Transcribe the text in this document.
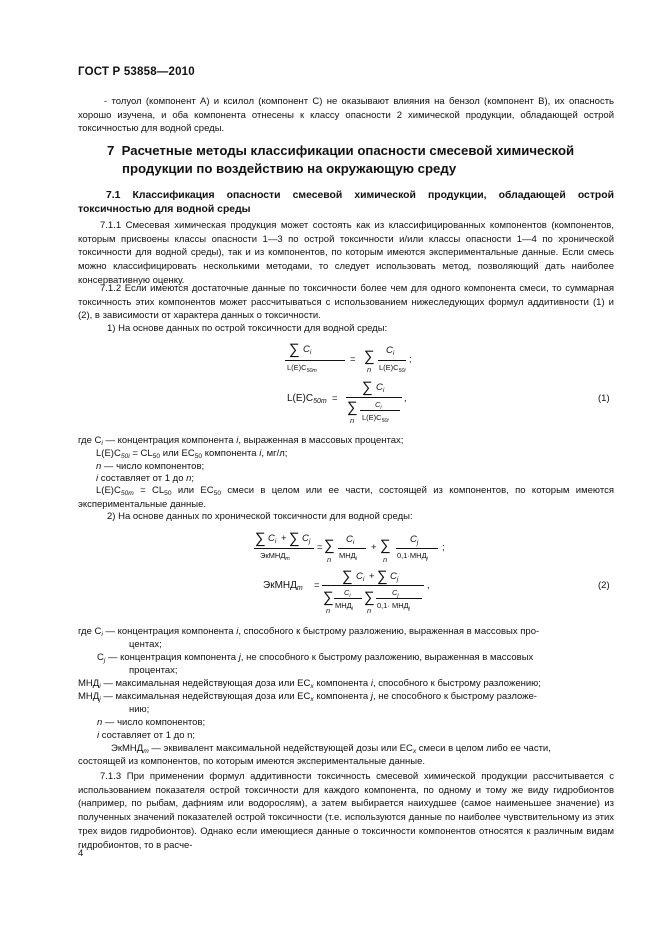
ГОСТ Р 53858—2010
- толуол (компонент А) и ксилол (компонент С) не оказывают влияния на бензол (компонент В), их опасность хорошо изучена, и оба компонента отнесены к классу опасности 2 химической продукции, обладающей острой токсичностью для водной среды.
7 Расчетные методы классификации опасности смесевой химической
продукции по воздействию на окружающую среду
7.1 Классификация опасности смесевой химической продукции, обладающей острой токсичностью для водной среды
7.1.1 Смесевая химическая продукция может состоять как из классифицированных компонентов (компонентов, которым присвоены классы опасности 1—3 по острой токсичности и/или классы опасности 1—4 по хронической токсичности для водной среды), так и из компонентов, по которым имеются экспериментальные данные. Если смесь можно классифицировать несколькими методами, то следует использовать метод, позволяющий дать наиболее консервативную оценку.
7.1.2 Если имеются достаточные данные по токсичности более чем для одного компонента смеси, то суммарная токсичность этих компонентов может рассчитываться с использованием нижеследующих формул аддитивности (1) и (2), в зависимости от характера данных о токсичности.
1) На основе данных по острой токсичности для водной среды:
∑ $C_i$
$L(E)C_{50m}$
= ∑
n
$C_i$
$L(E)C_{50i}$
;
$L(E)C_{50m}$ =
∑ $C_i$
∑
n
$C_i$
$L(E)C_{50i}$
,	(1)
где $C_i$ — концентрация компонента i, выраженная в массовых процентах;
$L(E)C_{50i} = CL_{50}$ или $EC_{50}$ компонента i, мг/л;
n — число компонентов;
i составляет от 1 до n;
$L(E)C_{50m} = CL_{50}$ или $EC_{50}$ смеси в целом или ее части, состоящей из компонентов, по которым имеются экспериментальные данные.
2) На основе данных по хронической токсичности для водной среды:
∑ $C_i$ + ∑ $C_j$
ЭкМНД$_m$
= ∑
n
$C_i$
$МНД_i$
+ ∑
n
$C_j$
$0,1\cdot МНД_j$
;
ЭкМНД$_m$ =
∑ $C_i$ + ∑ $C_j$
∑
n
$C_i$
$МНД_i$
∑
n
$C_j$
$0,1\cdot МНД_j$
,	(2)
где $C_i$ — концентрация компонента i, способного к быстрому разложению, выраженная в массовых про-
центах;
$C_j$ — концентрация компонента j, не способного к быстрому разложению, выраженная в массовых
процентах;
$МНД_i$ — максимальная недействующая доза или $EC_x$ компонента i, способного к быстрому разложению;
$МНД_j$ — максимальная недействующая доза или $EC_x$ компонента j, не способного к быстрому разложе-
нию;
n — число компонентов;
i составляет от 1 до n;
ЭкМНД$_m$ — эквивалент максимальной недействующей дозы или $EC_x$ смеси в целом либо ее части,
состоящей из компонентов, по которым имеются экспериментальные данные.
7.1.3 При применении формул аддитивности токсичность смесевой химической продукции рассчитывается с использованием показателя острой токсичности для каждого компонента, по одному и тому же виду гидробионтов (например, по рыбам, дафниям или водорослям), а затем выбирается наихудшее (самое наименьшее значение) из полученных значений показателей острой токсичности (т.е. используются данные по наиболее чувствительному из этих трех видов гидробионтов). Однако если имеющиеся данные о токсичности компонентов относятся к различным видам гидробионтов, то в расче-
4
